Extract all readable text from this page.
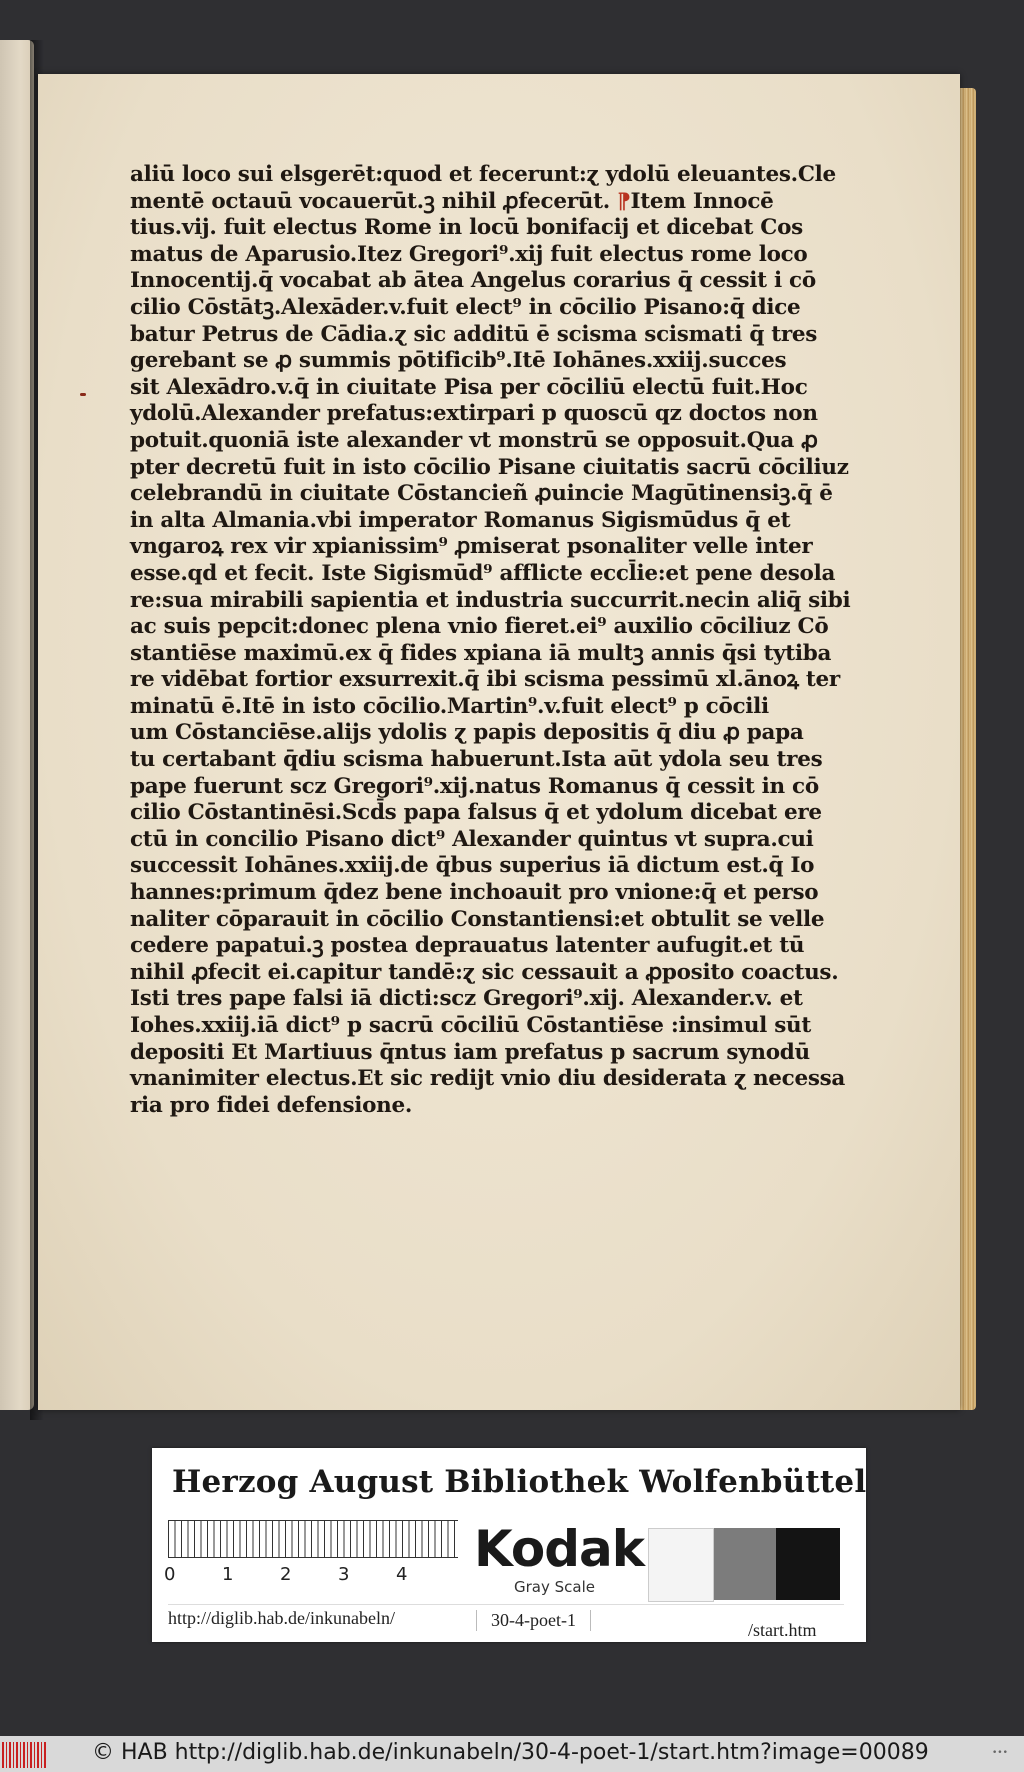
aliū loco sui elsgerēt:quod et fecerunt:ɀ ydolū eleuantes.Cle
mentē octauū vocauerūt.ꝫ nihil ꝓfecerūt. ⁋Item Innocē
tius.vij. fuit electus Rome in locū bonifacij et dicebat Cos
matus de Aparusio.Itez Gregori⁹.xij fuit electus rome loco
Innocentij.q̄ vocabat ab ātea Angelus corarius q̄ cessit i cō
cilio Cōstātꝫ.Alexāder.v.fuit elect⁹ in cōcilio Pisano:q̄ dice
batur Petrus de Cādia.ɀ sic additū ē scisma scismati q̄ tres
gerebant se ꝓ summis pōtificib⁹.Itē Iohānes.xxiij.succes
sit Alexādro.v.q̄ in ciuitate Pisa per cōciliū electū fuit.Hoc
ydolū.Alexander prefatus:extirpari p quoscū qz doctos non
potuit.quoniā iste alexander vt monstrū se opposuit.Qua ꝓ
pter decretū fuit in isto cōcilio Pisane ciuitatis sacrū cōciliuz
celebrandū in ciuitate Cōstancieñ ꝓuincie Magūtinensiꝫ.q̄ ē
in alta Almania.vbi imperator Romanus Sigismūdus q̄ et
vngaroꝝ rex vir xpianissim⁹ ꝓmiserat psonaliter velle inter
esse.qd et fecit. Iste Sigismūd⁹ afflicte eccl̄ie:et pene desola
re:sua mirabili sapientia et industria succurrit.necin aliq̄ sibi
ac suis pepcit:donec plena vnio fieret.ei⁹ auxilio cōciliuz Cō
stantiēse maximū.ex q̄ fides xpiana iā multꝫ annis q̄si tytiba
re vidēbat fortior exsurrexit.q̄ ibi scisma pessimū xl.ānoꝝ ter
minatū ē.Itē in isto cōcilio.Martin⁹.v.fuit elect⁹ p cōcili
um Cōstanciēse.alijs ydolis ɀ papis depositis q̄ diu ꝓ papa
tu certabant q̄diu scisma habuerunt.Ista aūt ydola seu tres
pape fuerunt scz Gregori⁹.xij.natus Romanus q̄ cessit in cō
cilio Cōstantinēsi.Scd̄s papa falsus q̄ et ydolum dicebat ere
ctū in concilio Pisano dict⁹ Alexander quintus vt supra.cui
successit Iohānes.xxiij.de q̄bus superius iā dictum est.q̄ Io
hannes:primum q̄dez bene inchoauit pro vnione:q̄ et perso
naliter cōparauit in cōcilio Constantiensi:et obtulit se velle
cedere papatui.ꝫ postea deprauatus latenter aufugit.et tū
nihil ꝓfecit ei.capitur tandē:ɀ sic cessauit a ꝓposito coactus.
Isti tres pape falsi iā dicti:scz Gregori⁹.xij. Alexander.v. et
Iohes.xxiij.iā dict⁹ p sacrū cōciliū Cōstantiēse :insimul sūt
depositi Et Martiuus q̄ntus iam prefatus p sacrum synodū
vnanimiter electus.Et sic redijt vnio diu desiderata ɀ necessa
ria pro fidei defensione.
Herzog August Bibliothek Wolfenbüttel
0	1	2	3	4 Kodak
Gray Scale
http://diglib.hab.de/inkunabeln/	30-4-poet-1	/start.htm
© HAB http://diglib.hab.de/inkunabeln/30-4-poet-1/start.htm?image=00089	•••
